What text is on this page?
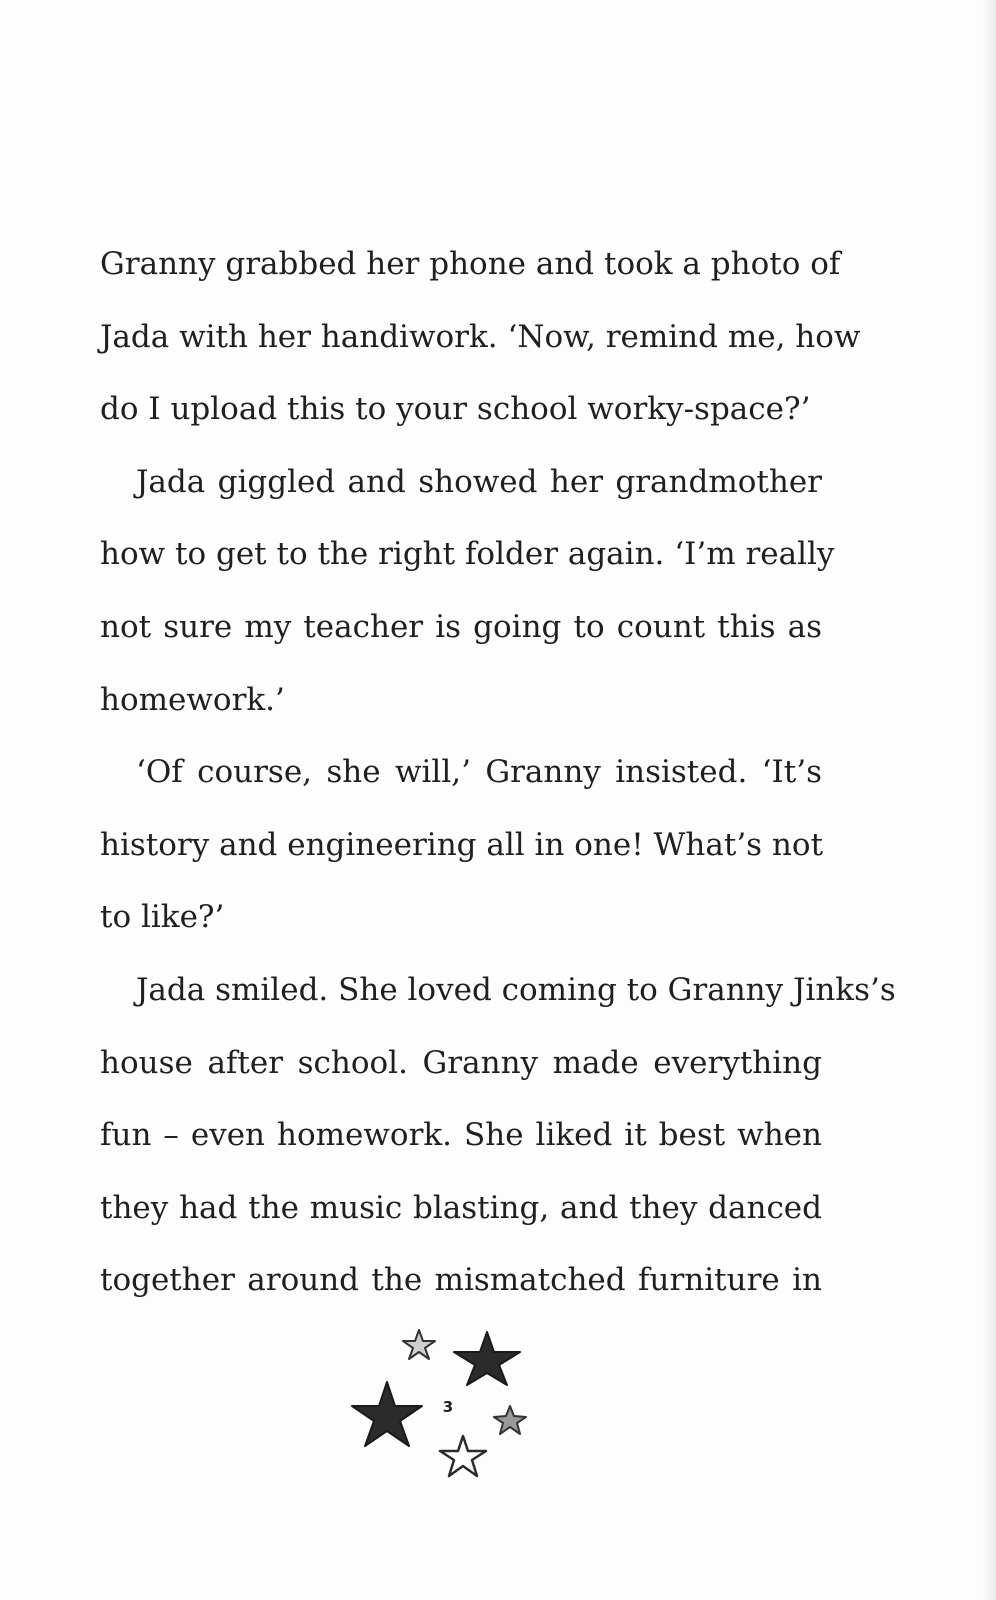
Granny grabbed her phone and took a photo of
Jada with her handiwork. ‘Now, remind me, how
do I upload this to your school worky-space?’
Jada giggled and showed her grandmother
how to get to the right folder again. ‘I’m really
not sure my teacher is going to count this as
homework.’
‘Of course, she will,’ Granny insisted. ‘It’s
history and engineering all in one! What’s not
to like?’
Jada smiled. She loved coming to Granny Jinks’s
house after school. Granny made everything
fun – even homework. She liked it best when
they had the music blasting, and they danced
together around the mismatched furniture in
3
